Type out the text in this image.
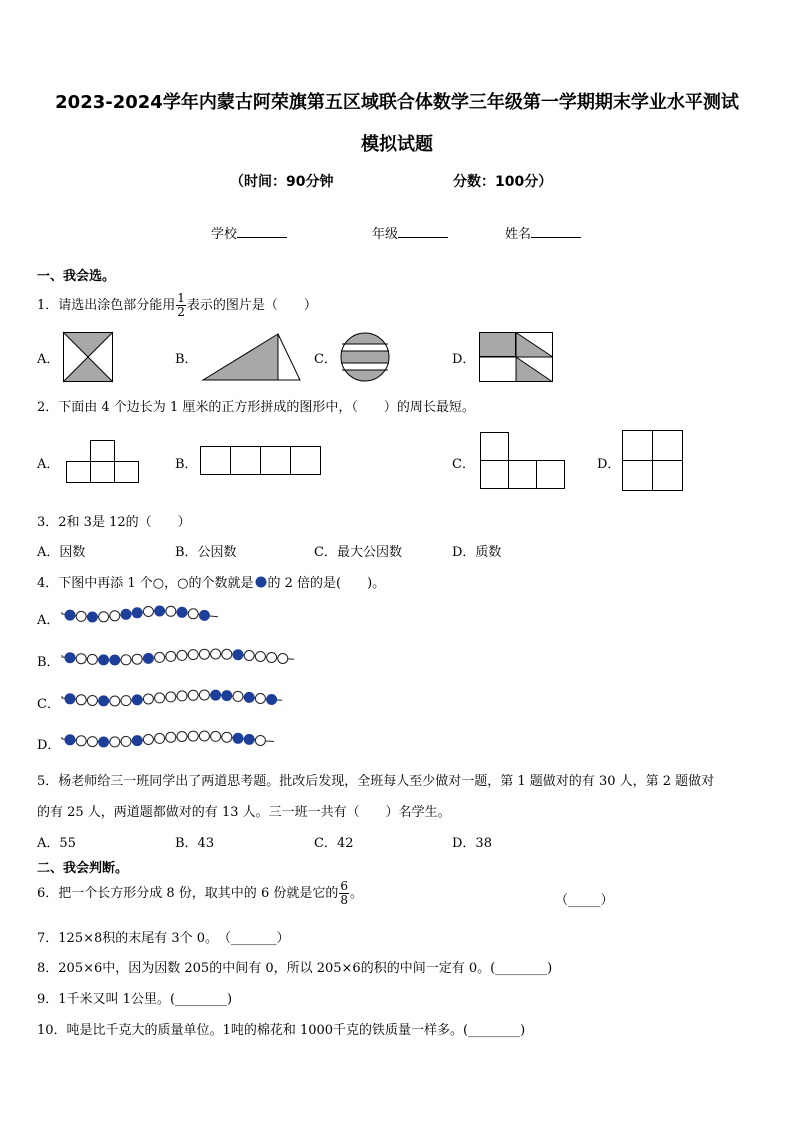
2023-2024学年内蒙古阿荣旗第五区域联合体数学三年级第一学期期末学业水平测试
模拟试题
（时间：90分钟	分数：100分）
学校	年级	姓名
一、我会选。
1．请选出涂色部分能用 $\frac{1}{2}$ 表示的图片是（　　）
A．	B．	C．	D．
2．下面由 4 个边长为 1 厘米的正方形拼成的图形中，（　　）的周长最短。
A．	B．	C．	D．
3．2和 3是 12的（　　）
A．因数	B．公因数	C．最大公因数	D．质数
4．下图中再添 1 个○，○的个数就是 的 2 倍的是(　　)。
A．
B．
C．
D．
5．杨老师给三一班同学出了两道思考题。批改后发现，全班每人至少做对一题，第 1 题做对的有 30 人，第 2 题做对
的有 25 人，两道题都做对的有 13 人。三一班一共有（　　）名学生。
A．55	B．43	C．42	D．38
二、我会判断。
6．把一个长方形分成 8 份，取其中的 6 份就是它的 $\frac{6}{8}$ 。	（_____）
7．125×8积的末尾有 3个 0。　（_______）
8．205×6中，因为因数 205的中间有 0，所以 205×6的积的中间一定有 0。(________)
9．1千米又叫 1公里。(________)
10．吨是比千克大的质量单位。1吨的棉花和 1000千克的铁质量一样多。(________)
